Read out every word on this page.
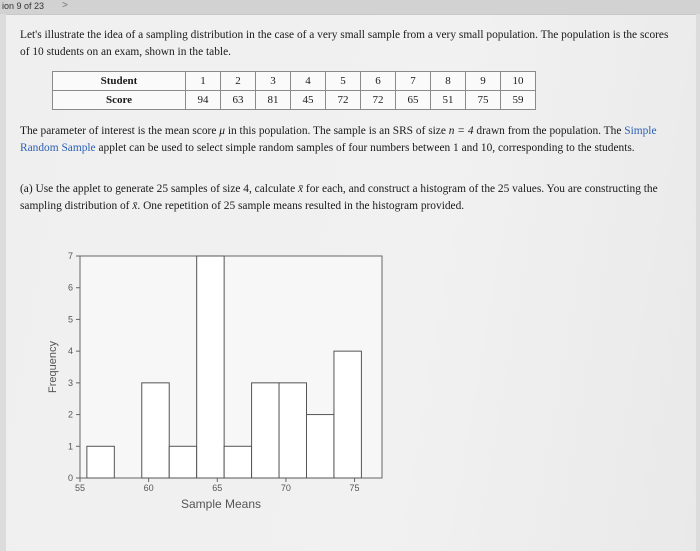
ion 9 of 23 >

Let's illustrate the idea of a sampling distribution in the case of a very small sample from a very small population. The population is the scores of 10 students on an exam, shown in the table.

Student	1	2	3	4	5	6	7	8	9	10
Score	94	63	81	45	72	72	65	51	75	59

The parameter of interest is the mean score μ in this population. The sample is an SRS of size n = 4 drawn from the population. The Simple Random Sample applet can be used to select simple random samples of four numbers between 1 and 10, corresponding to the students.

(a) Use the applet to generate 25 samples of size 4, calculate x̄ for each, and construct a histogram of the 25 values. You are constructing the sampling distribution of x̄. One repetition of 25 sample means resulted in the histogram provided.

0
1
2
3
4
5
6
7
55	60	65	70	75
Sample Means
Frequency
